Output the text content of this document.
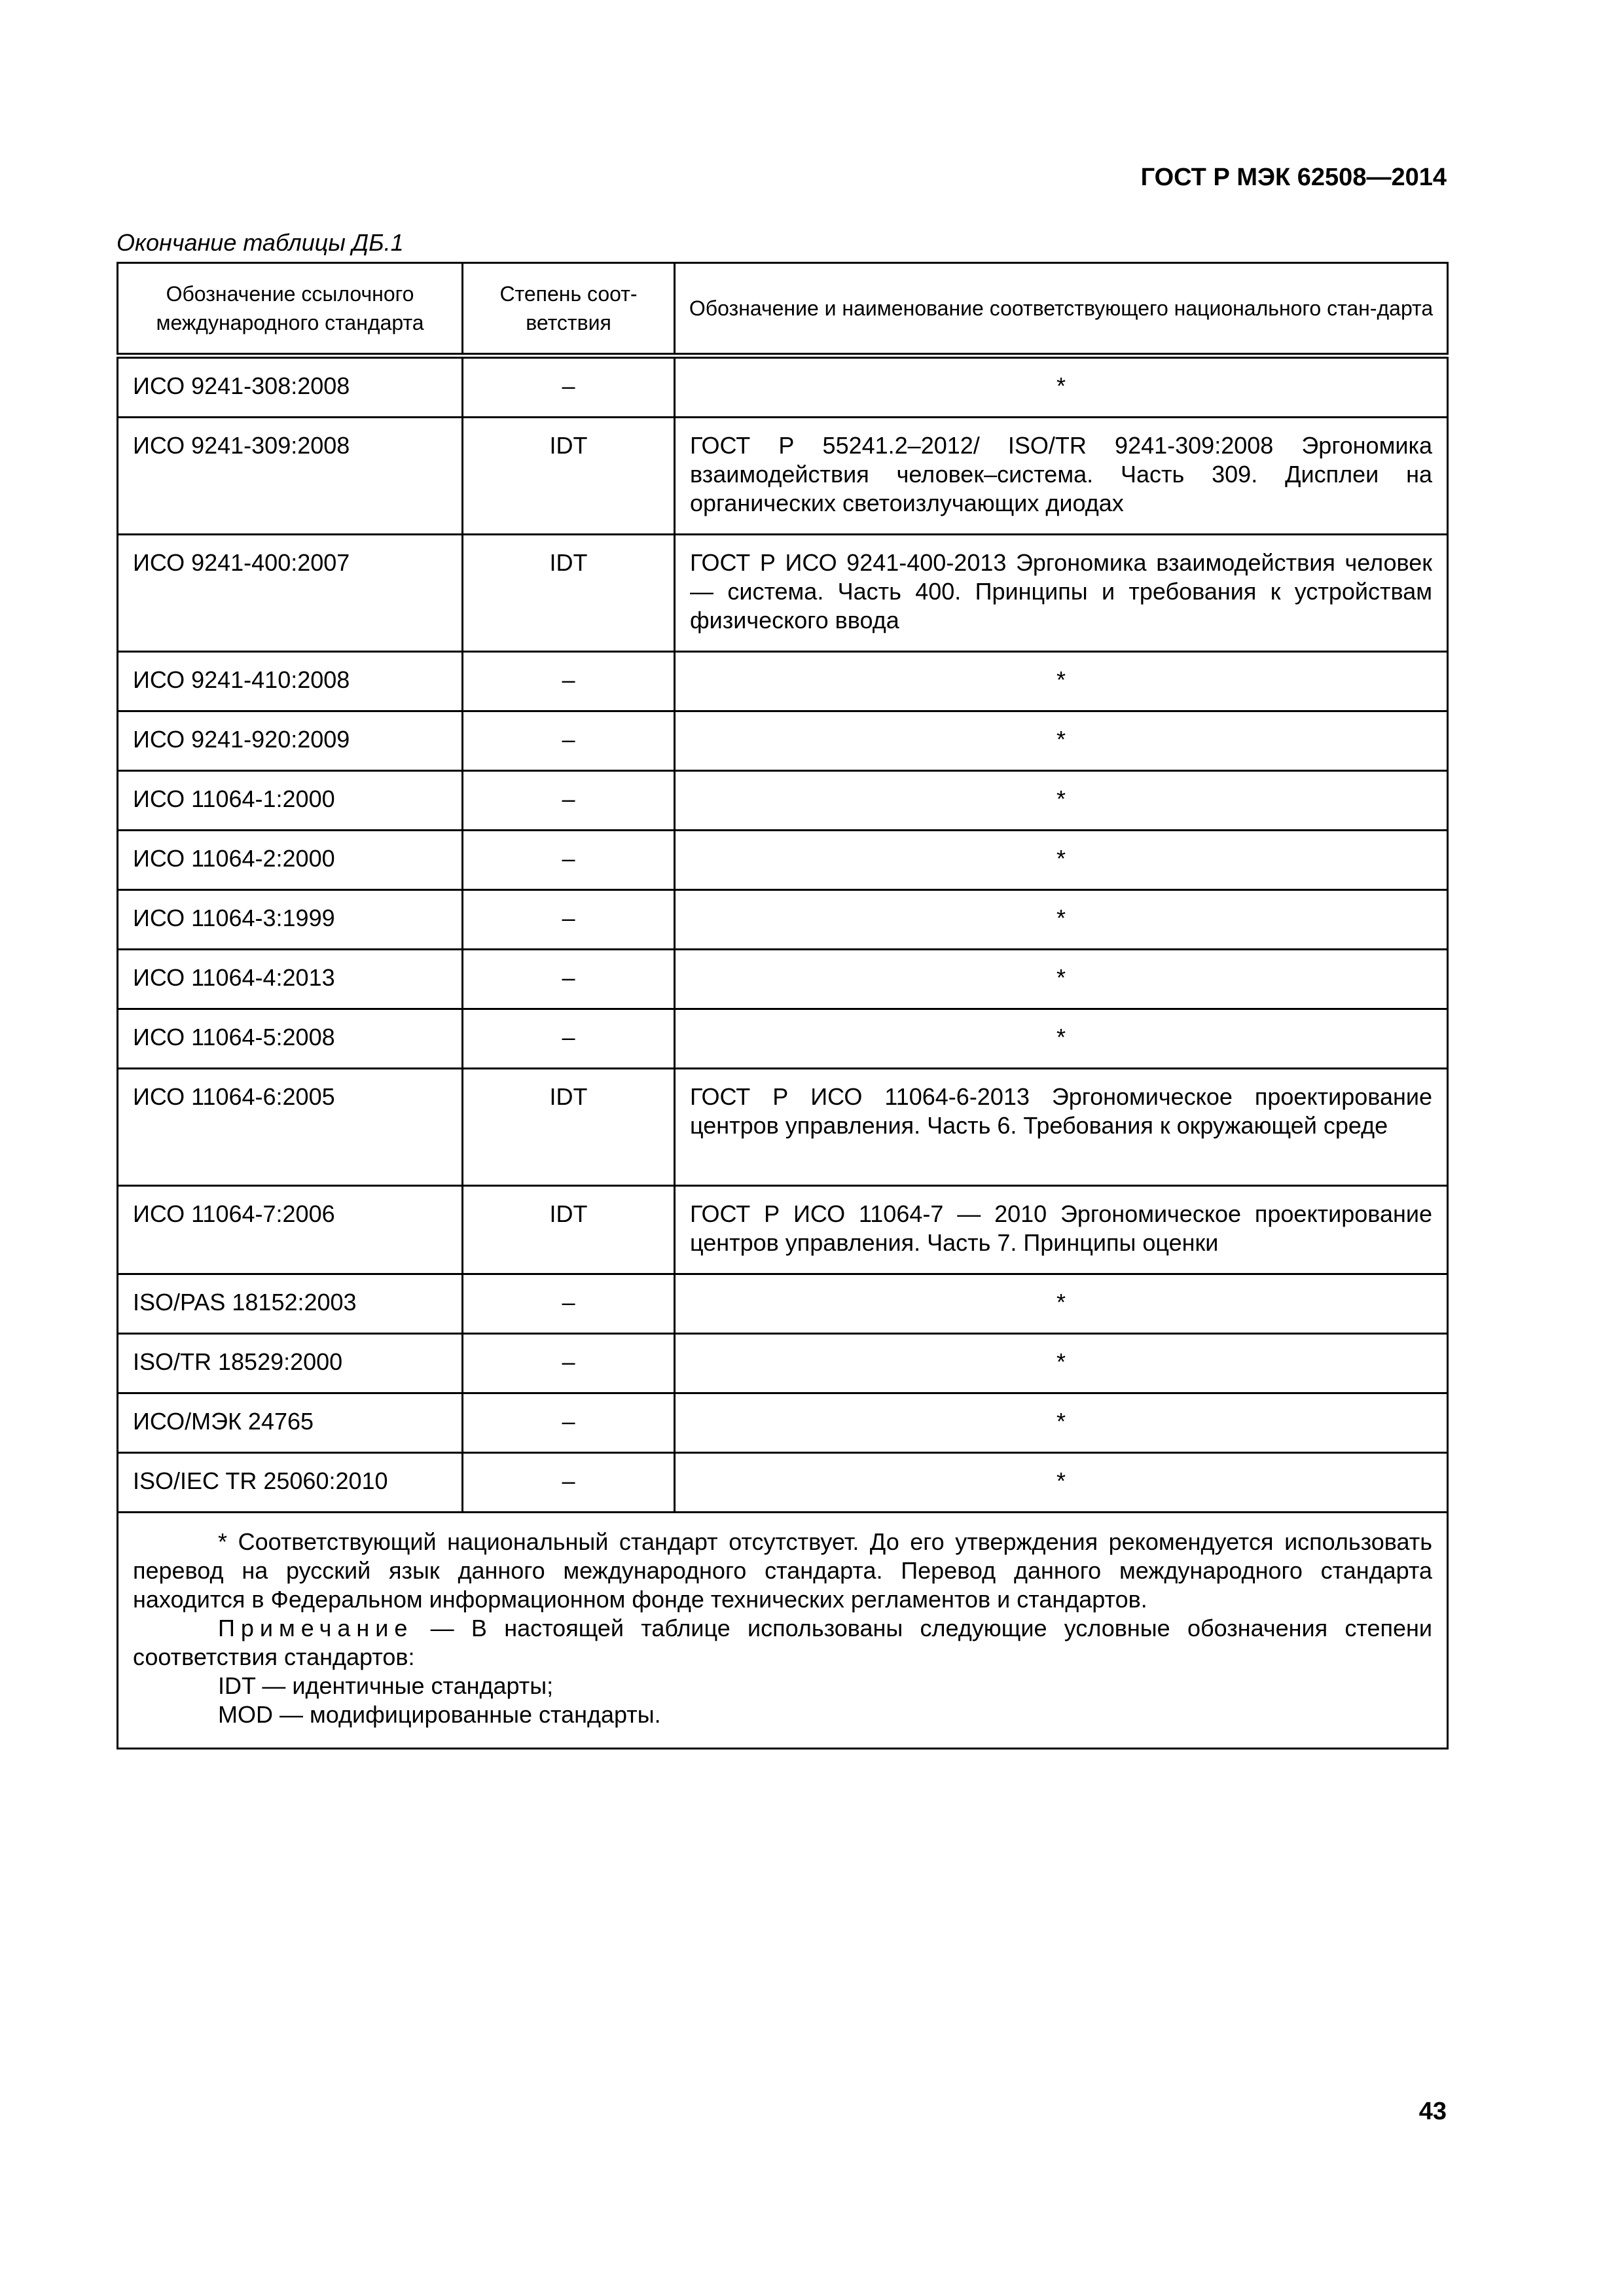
ГОСТ Р МЭК 62508—2014
Окончание таблицы ДБ.1
Обозначение ссылочного международного стандарта	Степень соот-ветствия	Обозначение и наименование соответствующего национального стан-дарта
ИСО 9241-308:2008	–	*
ИСО 9241-309:2008	IDT	ГОСТ Р 55241.2–2012/ ISO/TR 9241-309:2008 Эргономика взаимодействия человек–система. Часть 309. Дисплеи на органических светоизлучающих диодах
ИСО 9241-400:2007	IDT	ГОСТ Р ИСО 9241-400-2013 Эргономика взаимодействия человек — система. Часть 400. Принципы и требования к устройствам физического ввода
ИСО 9241-410:2008	–	*
ИСО 9241-920:2009	–	*
ИСО 11064-1:2000	–	*
ИСО 11064-2:2000	–	*
ИСО 11064-3:1999	–	*
ИСО 11064-4:2013	–	*
ИСО 11064-5:2008	–	*
ИСО 11064-6:2005	IDT	ГОСТ Р ИСО 11064-6-2013 Эргономическое проектирование центров управления. Часть 6. Требования к окружающей среде
ИСО 11064-7:2006	IDT	ГОСТ Р ИСО 11064-7 — 2010 Эргономическое проектирование центров управления. Часть 7. Принципы оценки
ISO/PAS 18152:2003	–	*
ISO/TR 18529:2000	–	*
ИСО/МЭК 24765	–	*
ISO/IEC TR 25060:2010	–	*

* Соответствующий национальный стандарт отсутствует. До его утверждения рекомендуется использовать перевод на русский язык данного международного стандарта. Перевод данного международного стандарта находится в Федеральном информационном фонде технических регламентов и стандартов.

Примечание — В настоящей таблице использованы следующие условные обозначения степени соответствия стандартов:

IDT — идентичные стандарты;

MOD — модифицированные стандарты.		

43
